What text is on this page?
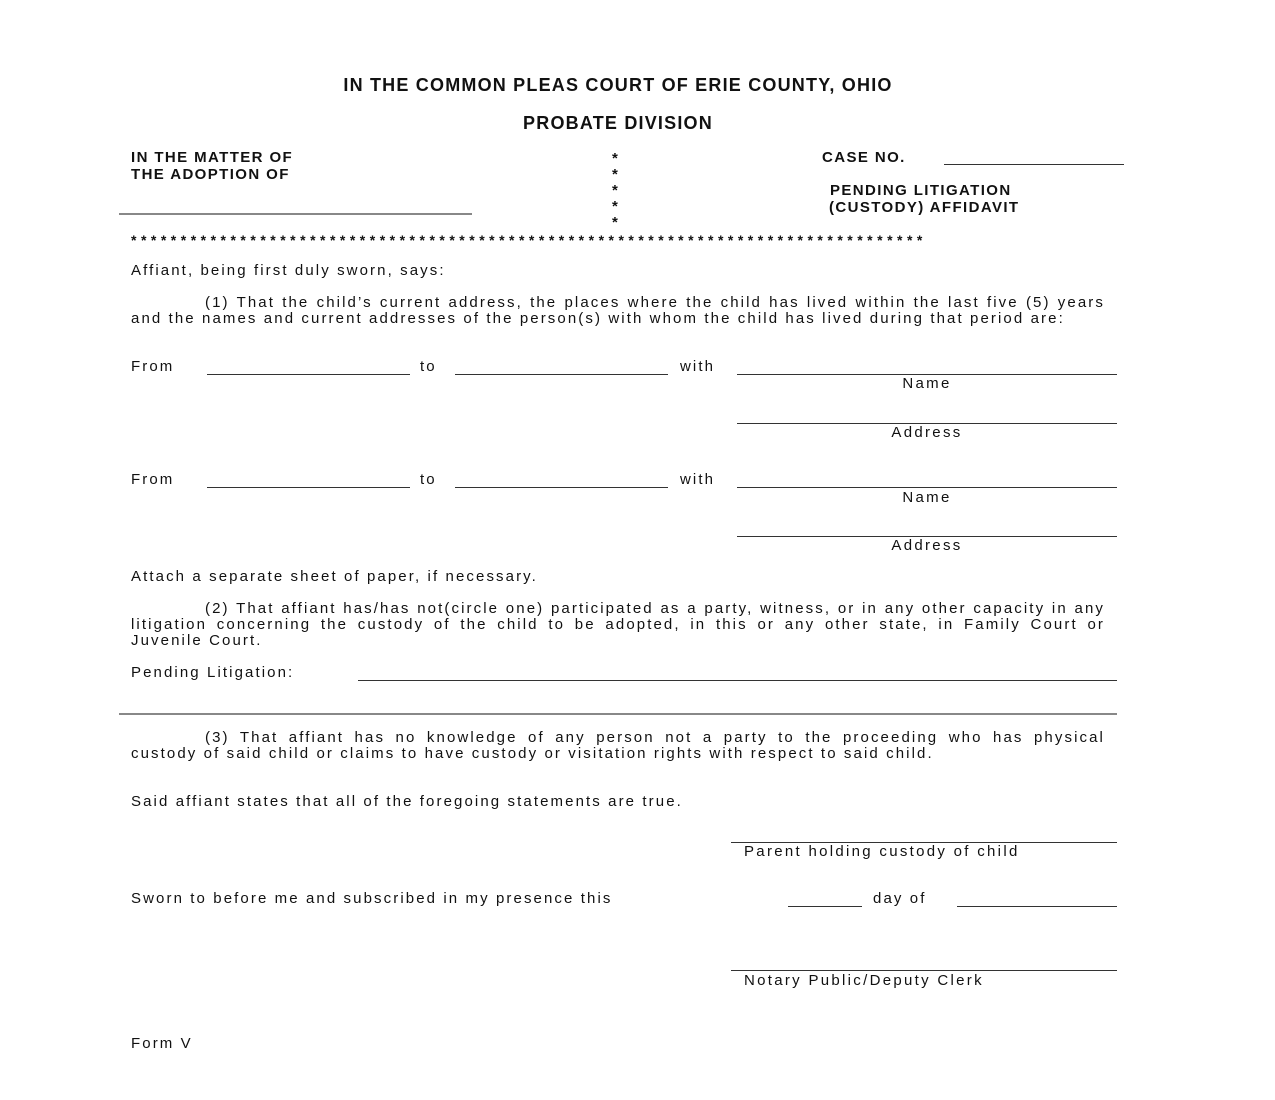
IN THE COMMON PLEAS COURT OF ERIE COUNTY, OHIO
PROBATE DIVISION
IN THE MATTER OF
THE ADOPTION OF
*
*
*
*
*
CASE NO.
PENDING LITIGATION
(CUSTODY) AFFIDAVIT
********************************************************************************
Affiant, being first duly sworn, says:
(1) That the child’s current address, the places where the child has lived within the last five (5) years and the names and current addresses of the person(s) with whom the child has lived during that period are:
From	to	with
Name
Address
From	to	with
Name
Address
Attach a separate sheet of paper, if necessary.
(2) That affiant has/has not(circle one) participated as a party, witness, or in any other capacity in any litigation concerning the custody of the child to be adopted, in this or any other state, in Family Court or Juvenile Court.
Pending Litigation:
(3) That affiant has no knowledge of any person not a party to the proceeding who has physical custody of said child or claims to have custody or visitation rights with respect to said child.
Said affiant states that all of the foregoing statements are true.
Parent holding custody of child
Sworn to before me and subscribed in my presence this	day of
Notary Public/Deputy Clerk
Form V
